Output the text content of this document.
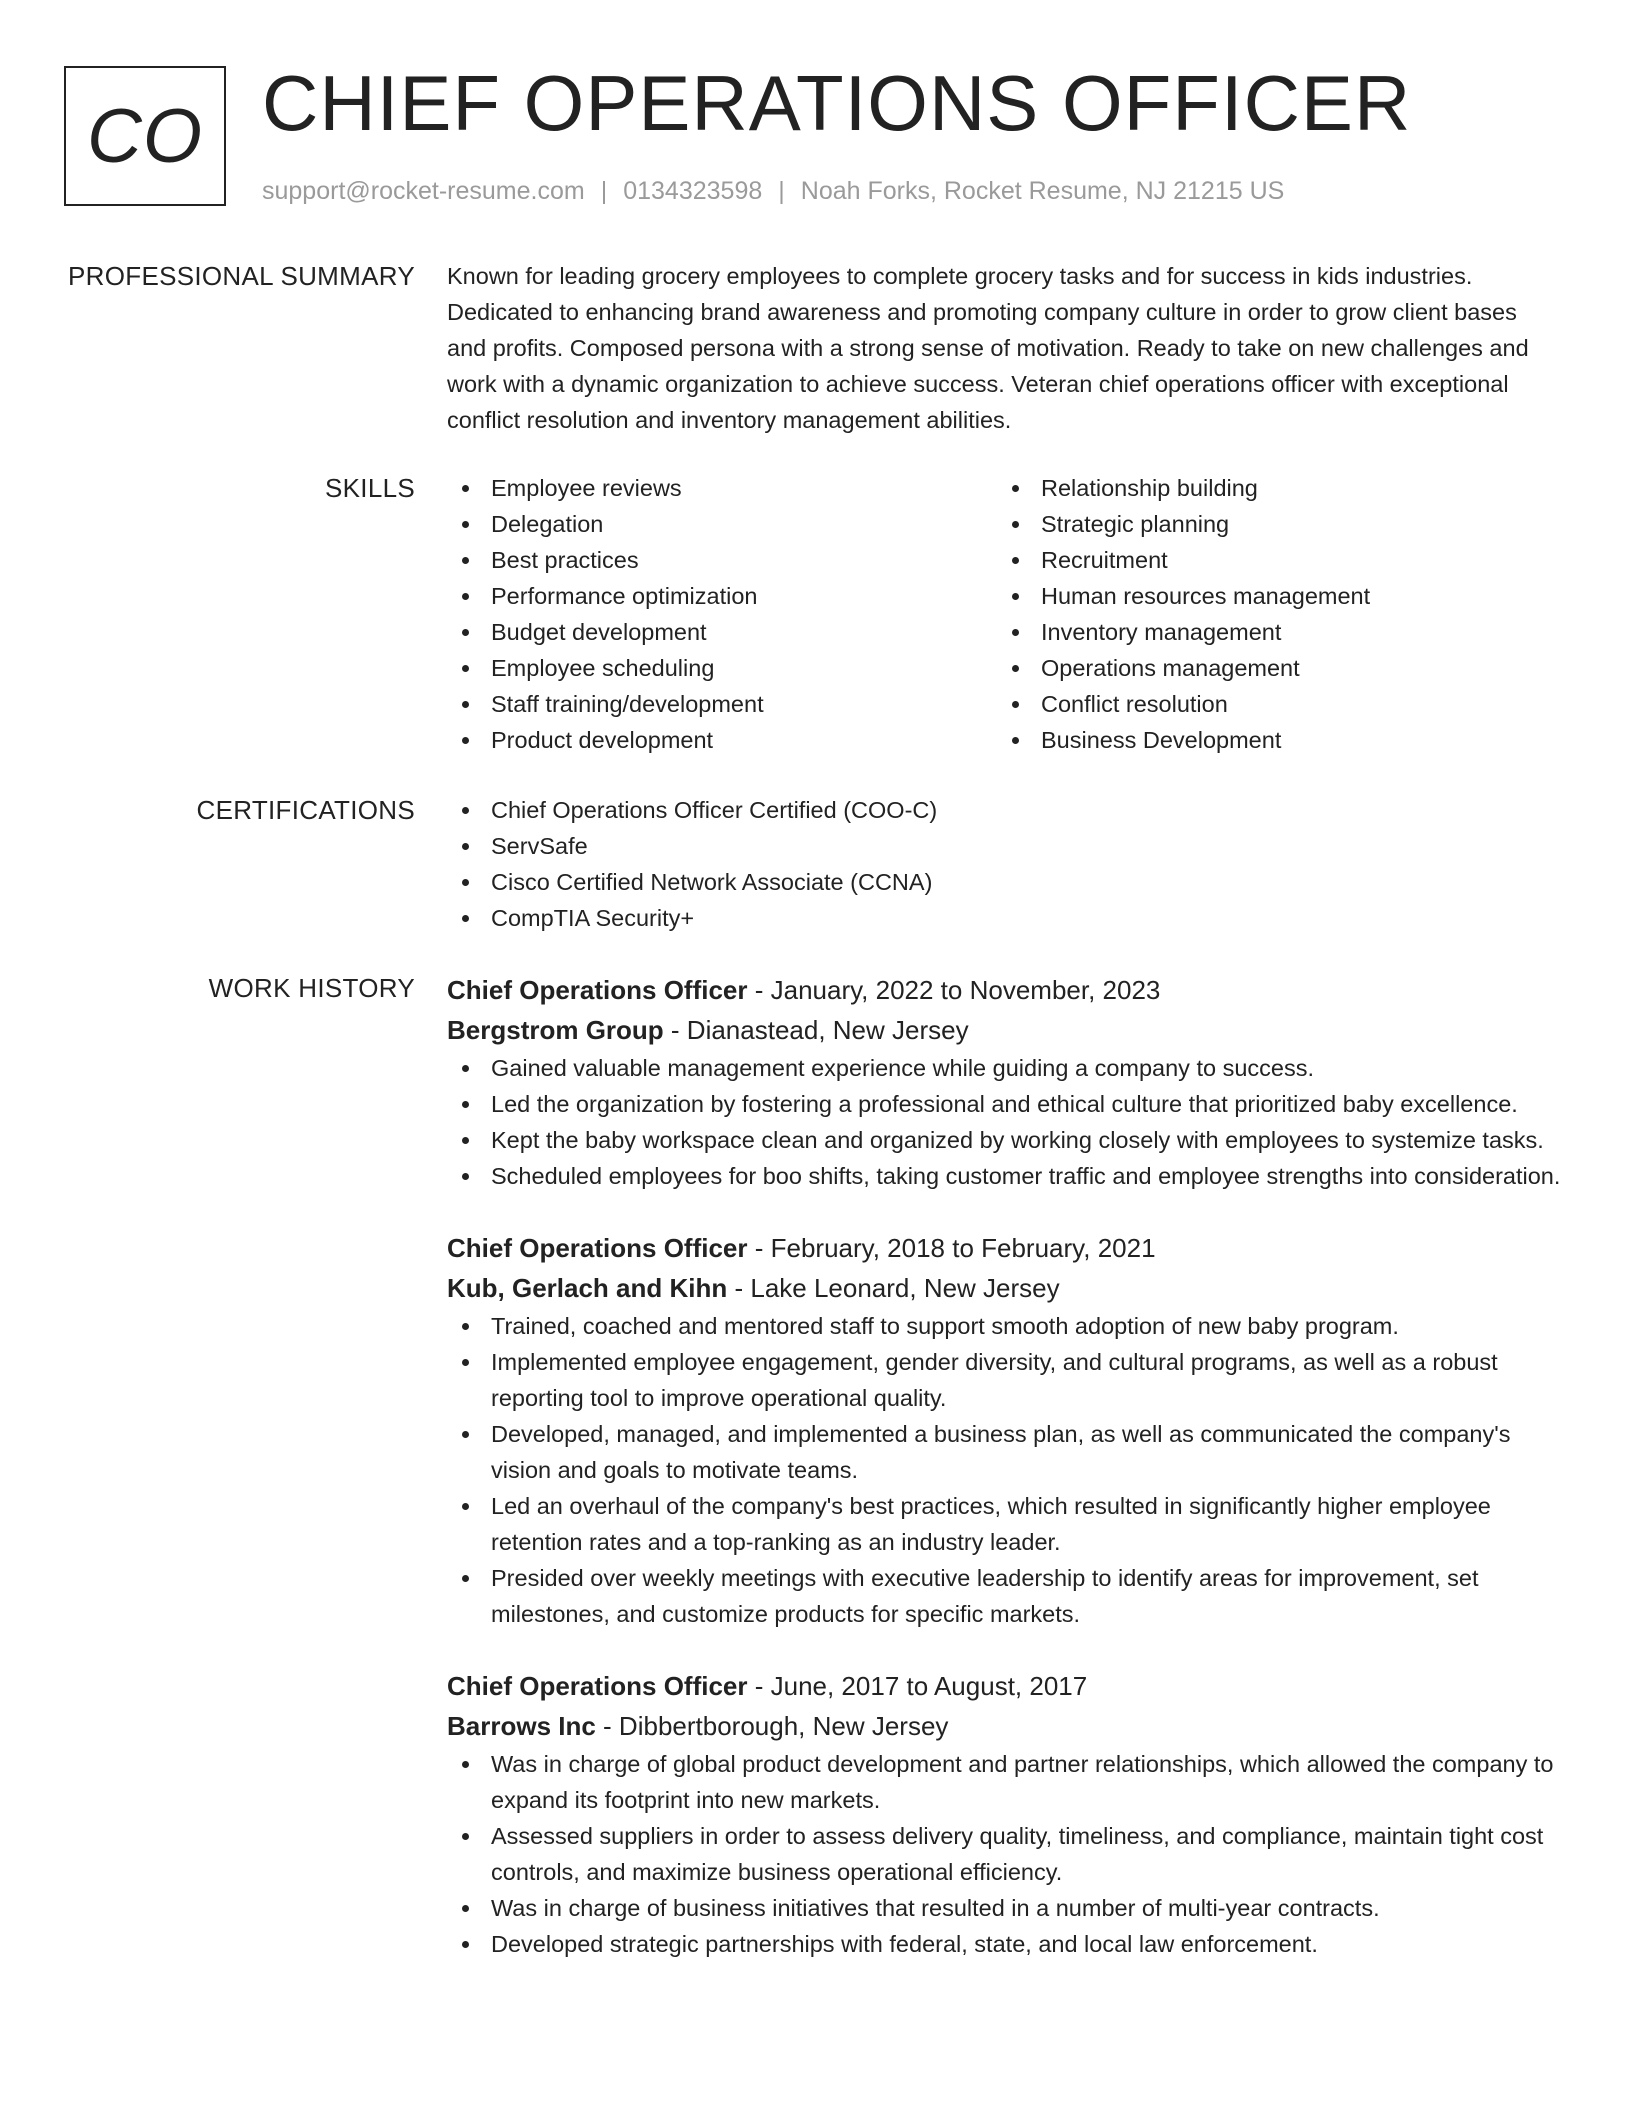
CO CHIEF OPERATIONS OFFICER
support@rocket-resume.com | 0134323598 | Noah Forks, Rocket Resume, NJ 21215 US
PROFESSIONAL SUMMARY Known for leading grocery employees to complete grocery tasks and for success in kids industries. Dedicated to enhancing brand awareness and promoting company culture in order to grow client bases and profits. Composed persona with a strong sense of motivation. Ready to take on new challenges and work with a dynamic organization to achieve success. Veteran chief operations officer with exceptional conflict resolution and inventory management abilities.

SKILLS	Employee reviews
Delegation
Best practices
Performance optimization
Budget development
Employee scheduling
Staff training/development
Product development
Relationship building
Strategic planning
Recruitment
Human resources management
Inventory management
Operations management
Conflict resolution
Business Development
CERTIFICATIONS	Chief Operations Officer Certified (COO-C)
ServSafe
Cisco Certified Network Associate (CCNA)
CompTIA Security+
WORK HISTORY Chief Operations Officer - January, 2022 to November, 2023
Bergstrom Group - Dianastead, New Jersey
Gained valuable management experience while guiding a company to success.
Led the organization by fostering a professional and ethical culture that prioritized baby excellence.
Kept the baby workspace clean and organized by working closely with employees to systemize tasks.
Scheduled employees for boo shifts, taking customer traffic and employee strengths into consideration.
Chief Operations Officer - February, 2018 to February, 2021
Kub, Gerlach and Kihn - Lake Leonard, New Jersey
Trained, coached and mentored staff to support smooth adoption of new baby program.
Implemented employee engagement, gender diversity, and cultural programs, as well as a robust reporting tool to improve operational quality.
Developed, managed, and implemented a business plan, as well as communicated the company's vision and goals to motivate teams.
Led an overhaul of the company's best practices, which resulted in significantly higher employee retention rates and a top-ranking as an industry leader.
Presided over weekly meetings with executive leadership to identify areas for improvement, set milestones, and customize products for specific markets.
Chief Operations Officer - June, 2017 to August, 2017
Barrows Inc - Dibbertborough, New Jersey
Was in charge of global product development and partner relationships, which allowed the company to expand its footprint into new markets.
Assessed suppliers in order to assess delivery quality, timeliness, and compliance, maintain tight cost controls, and maximize business operational efficiency.
Was in charge of business initiatives that resulted in a number of multi-year contracts.
Developed strategic partnerships with federal, state, and local law enforcement.
